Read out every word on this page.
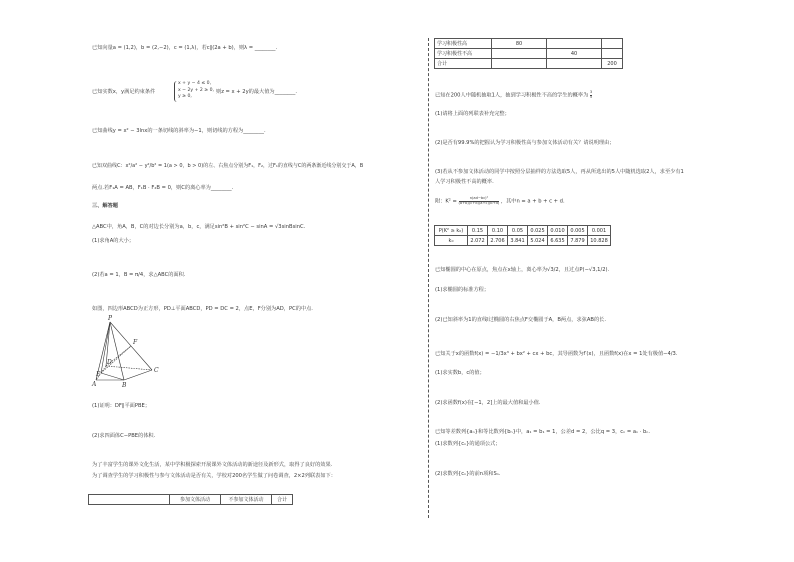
已知向量a = (1,2)，b = (2,−2)，c = (1,λ)，若c∥(2a + b)，则λ = ________.
已知实数x，y满足约束条件
x + y − 4 ≤ 0,
x − 2y + 2 ≥ 0,
y ≥ 0,
则z = x + 2y的最大值为________.
已知曲线y = x² − 3lnx的一条切线的斜率为−1，则切线的方程为________.
已知双曲线C：x²/a² − y²/b² = 1(a > 0，b > 0)的左、右焦点分别为F₁，F₂，过F₁的直线与C的两条渐近线分别交于A，B
两点.若F₁A = AB，F₁B · F₂B = 0，则C的离心率为________.
三、解答题
△ABC中，角A，B，C的对边长分别为a，b，c，满足sin²B + sin²C − sinA = √3sinBsinC.
(1)求角A的大小；
(2)若a = 1，B = π/4，求△ABC的面积.
如图，四边形ABCD为正方形，PD⊥平面ABCD，PD = DC = 2，点E，F分别为AD，PC的中点.
P
F
D
C
A
E
B
(1)证明：DF∥平面PBE；
(2)求四面体C−PBE的体积.
为了丰富学生的课外文化生活，某中学积极探索开展课外文体活动的新途径及新形式，取得了良好的效果.
为了调查学生的学习积极性与参与文体活动是否有关，学校对200名学生做了问卷调查，2×2列联表如下：
	参加文体活动	不参加文体活动	合计
学习积极性高	80		
学习积极性不高		40	
合计			200
已知在200人中随机抽取1人，抽到学习积极性不高的学生的概率为 $\frac{3}{5}$
(1)请将上面的列联表补充完整；
(2)是否有99.9%的把握认为学习积极性高与参加文体活动有关？请说明理由；
(3)若从不参加文体活动的同学中按照分层抽样的方法选取5人，再从所选出的5人中随机选取2人，求至少有1
人学习积极性不高的概率.
附：$K^2 = \frac{\text{n(ad−bc)²}}{(a+b)(c+d)(a+c)(b+d)}$ ，其中n = a + b + c + d.
P(K² ≥ k₀)	0.15	0.10	0.05	0.025	0.010	0.005	0.001
k₀	2.072	2.706	3.841	5.024	6.635	7.879	10.828
已知椭圆的中心在原点，焦点在x轴上，离心率为√3/2，且过点P(−√3,1/2).
(1)求椭圆的标准方程；
(2)已知斜率为1的直线l过椭圆的右焦点F交椭圆于A，B两点，求弦AB的长.
已知关于x的函数f(x) = −1/3x³ + bx² + cx + bc，其导函数为f′(x)，且函数f(x)在x = 1处有极值−4/3.
(1)求实数b，c的值；
(2)求函数f(x)在[−1，2]上的最大值和最小值.
已知等差数列{aₙ}和等比数列{bₙ}中，a₁ = b₁ = 1，公差d = 2，公比q = 3，cₙ = aₙ · bₙ.
(1)求数列{cₙ}的通项公式；
(2)求数列{cₙ}的前n项和Sₙ.
